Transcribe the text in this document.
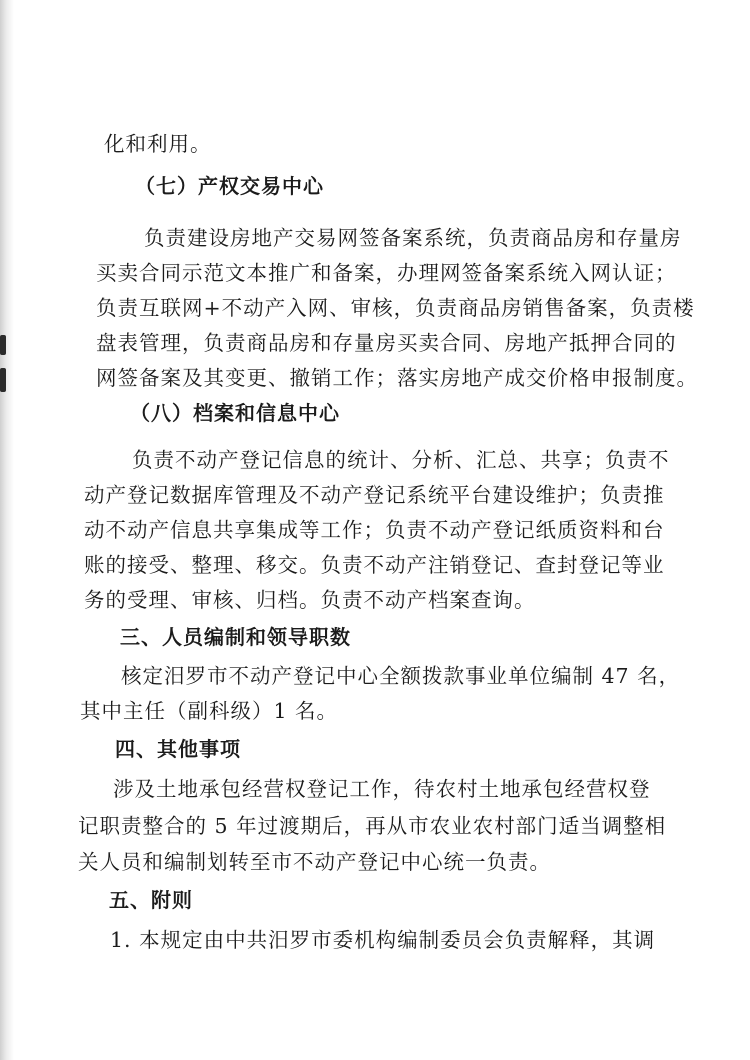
化和利用。
（七）产权交易中心
负责建设房地产交易网签备案系统，负责商品房和存量房
买卖合同示范文本推广和备案，办理网签备案系统入网认证；
负责互联网+不动产入网、审核，负责商品房销售备案，负责楼
盘表管理，负责商品房和存量房买卖合同、房地产抵押合同的
网签备案及其变更、撤销工作；落实房地产成交价格申报制度。
（八）档案和信息中心
负责不动产登记信息的统计、分析、汇总、共享；负责不
动产登记数据库管理及不动产登记系统平台建设维护；负责推
动不动产信息共享集成等工作；负责不动产登记纸质资料和台
账的接受、整理、移交。负责不动产注销登记、查封登记等业
务的受理、审核、归档。负责不动产档案查询。
三、人员编制和领导职数
核定汨罗市不动产登记中心全额拨款事业单位编制 47 名，
其中主任（副科级）1 名。
四、其他事项
涉及土地承包经营权登记工作，待农村土地承包经营权登
记职责整合的 5 年过渡期后，再从市农业农村部门适当调整相
关人员和编制划转至市不动产登记中心统一负责。
五、附则
1. 本规定由中共汨罗市委机构编制委员会负责解释，其调
